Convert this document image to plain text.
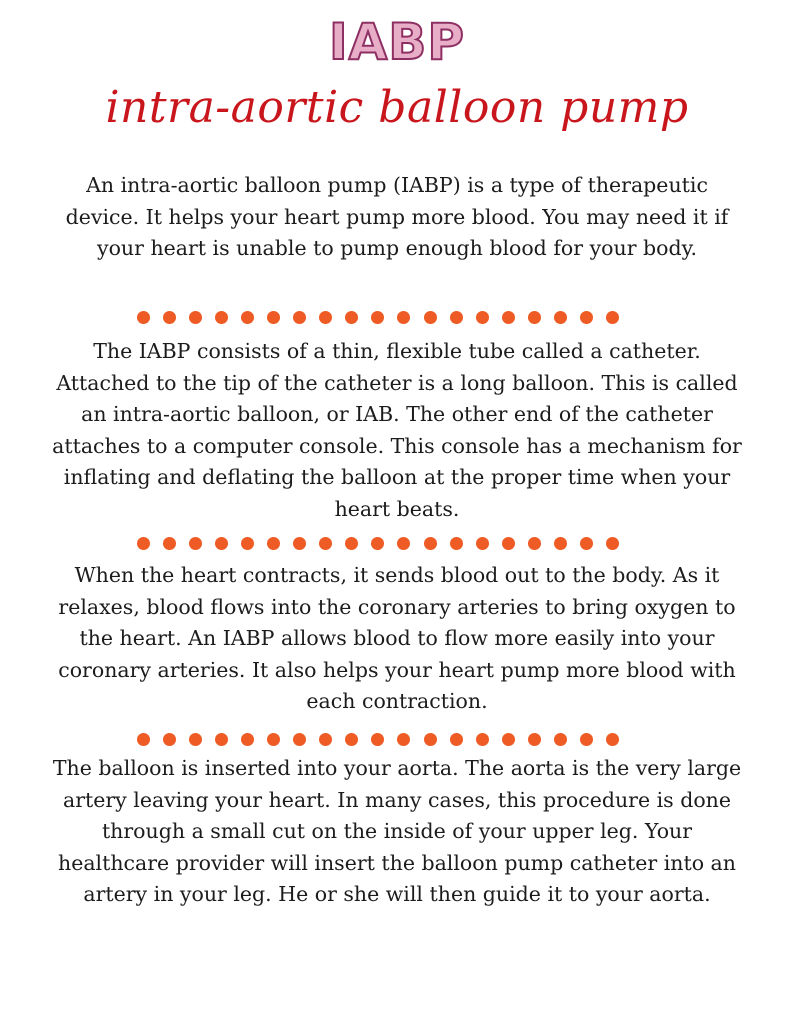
IABP
intra-aortic balloon pump

An intra-aortic balloon pump (IABP) is a type of therapeutic device. It helps your heart pump more blood. You may need it if your heart is unable to pump enough blood for your body.

The IABP consists of a thin, flexible tube called a catheter. Attached to the tip of the catheter is a long balloon. This is called an intra-aortic balloon, or IAB. The other end of the catheter attaches to a computer console. This console has a mechanism for inflating and deflating the balloon at the proper time when your heart beats.

When the heart contracts, it sends blood out to the body. As it relaxes, blood flows into the coronary arteries to bring oxygen to the heart. An IABP allows blood to flow more easily into your coronary arteries. It also helps your heart pump more blood with each contraction.

The balloon is inserted into your aorta. The aorta is the very large artery leaving your heart. In many cases, this procedure is done through a small cut on the inside of your upper leg. Your healthcare provider will insert the balloon pump catheter into an artery in your leg. He or she will then guide it to your aorta.
